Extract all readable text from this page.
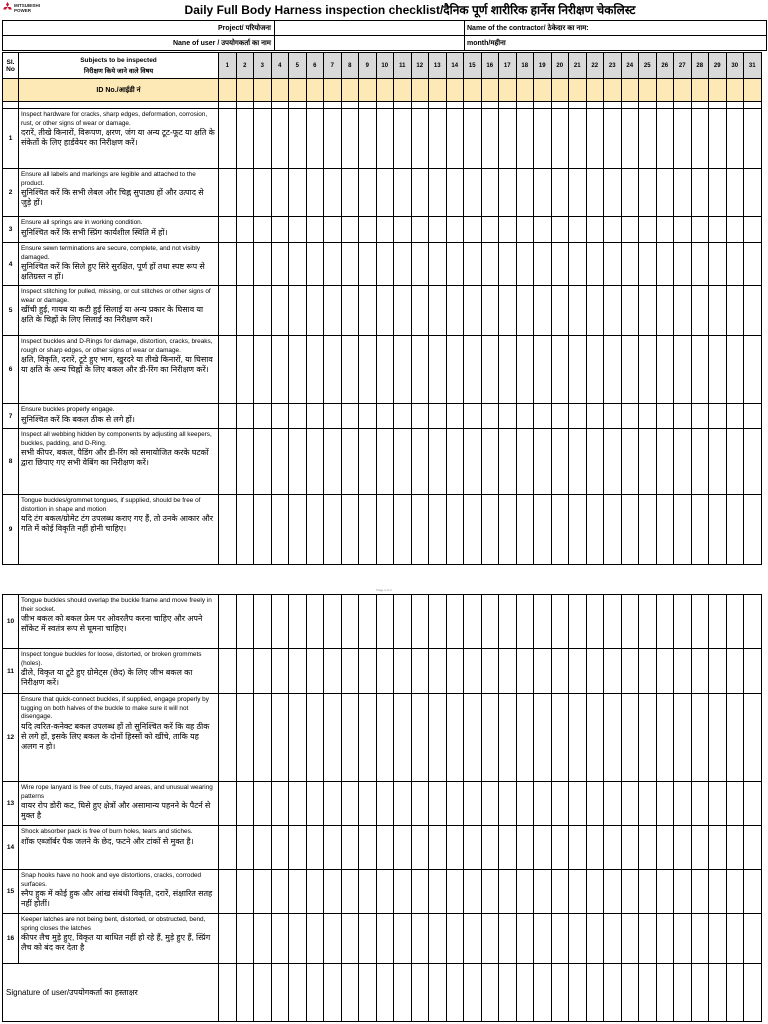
MITSUBISHI
POWER	Daily Full Body Harness inspection checklist/दैनिक पूर्ण शारीरिक हार्नेस निरीक्षण चेकलिस्ट
Project/ परियोजना		Name of the contractor/ ठेकेदार का नाम:
Nane of user / उपयोगकर्ता का नाम		month/महीना
Sl. No	Subjects to be inspected
निरीक्षण किये जाने वाले विषय	1	2	3	4	5	6	7	8	9	10	11	12	13	14	15	16	17	18	19	20	21	22	23	24	25	26	27	28	29	30	31
	ID No./आईडी नं																															

1	Inspect hardware for cracks, sharp edges, deformation, corrosion, rust, or other signs of wear or damage.
दरारें, तीखे किनारों, विरूपण, क्षरण, जंग या अन्य टूट-फूट या क्षति के संकेतों के लिए हार्डवेयर का निरीक्षण करें।																															

2	Ensure all labels and markings are legible and attached to the product.
सुनिश्चित करें कि सभी लेबल और चिह्न सुपाठ्य हों और उत्पाद से जुड़े हों।																															

3	Ensure all springs are in working condition.
सुनिश्चित करें कि सभी स्प्रिंग कार्यशील स्थिति में हों।																															

4	Ensure sewn terminations are secure, complete, and not visibly damaged.
सुनिश्चित करें कि सिले हुए सिरे सुरक्षित, पूर्ण हों तथा स्पष्ट रूप से क्षतिग्रस्त न हों।																															

5	Inspect stitching for pulled, missing, or cut stitches or other signs of wear or damage.
खींची हुई, गायब या कटी हुई सिलाई या अन्य प्रकार के घिसाव या क्षति के चिह्नों के लिए सिलाई का निरीक्षण करें।																															

6	Inspect buckles and D-Rings for damage, distortion, cracks, breaks, rough or sharp edges, or other signs of wear or damage.
क्षति, विकृति, दरारें, टूटे हुए भाग, खुरदरे या तीखे किनारों, या घिसाव या क्षति के अन्य चिह्नों के लिए बकल और डी-रिंग का निरीक्षण करें।																															

7	Ensure buckles properly engage.
सुनिश्चित करें कि बकल ठीक से लगे हों।																															

8	Inspect all webbing hidden by components by adjusting all keepers, buckles, padding, and D-Ring.
सभी कीपर, बकल, पैडिंग और डी-रिंग को समायोजित करके घटकों द्वारा छिपाए गए सभी वेबिंग का निरीक्षण करें।																															

9	Tongue buckles/grommet tongues, if supplied, should be free of distortion in shape and motion
यदि टंग बकल/ग्रोमेट टंग उपलब्ध कराए गए हैं, तो उनके आकार और गति में कोई विकृति नहीं होनी चाहिए।																															

Page 1 of 2
10	Tongue buckles should overlap the buckle frame and move freely in their socket.
जीभ बकल को बकल फ्रेम पर ओवरलैप करना चाहिए और अपने सॉकेट में स्वतंत्र रूप से घूमना चाहिए।																															

11	Inspect tongue buckles for loose, distorted, or broken grommets (holes).
ढीले, विकृत या टूटे हुए ग्रोमेट्स (छेद) के लिए जीभ बकल का निरीक्षण करें।																															

12	Ensure that quick-connect buckles, if supplied, engage properly by tugging on both halves of the buckle to make sure it will not disengage.
यदि त्वरित-कनेक्ट बकल उपलब्ध हों तो सुनिश्चित करें कि वह ठीक से लगे हों, इसके लिए बकल के दोनों हिस्सों को खींचे, ताकि यह अलग न हो।																															

13	Wire rope lanyard is free of cuts, frayed areas, and unusual wearing patterns
वायर रोप डोरी कट, घिसे हुए क्षेत्रों और असामान्य पहनने के पैटर्न से मुक्त है																															

14	Shock absorber pack is free of burn holes, tears and stiches.
शॉक एब्जॉर्बर पैक जलने के छेद, फटने और टांकों से मुक्त है।																															

15	Snap hooks have no hook and eye distortions, cracks, corroded surfaces.
स्नैप हुक में कोई हुक और आंख संबंधी विकृति, दरारें, संक्षारित सतह नहीं होतीं।																															

16	Keeper latches are not being bent, distorted, or obstructed, bend, spring closes the latches
कीपर लैच मुड़े हुए, विकृत या बाधित नहीं हो रहे हैं, मुड़े हुए हैं, स्प्रिंग लैच को बंद कर देता है																															

Signature of user/उपयोगकर्ता का हस्ताक्षर																																
